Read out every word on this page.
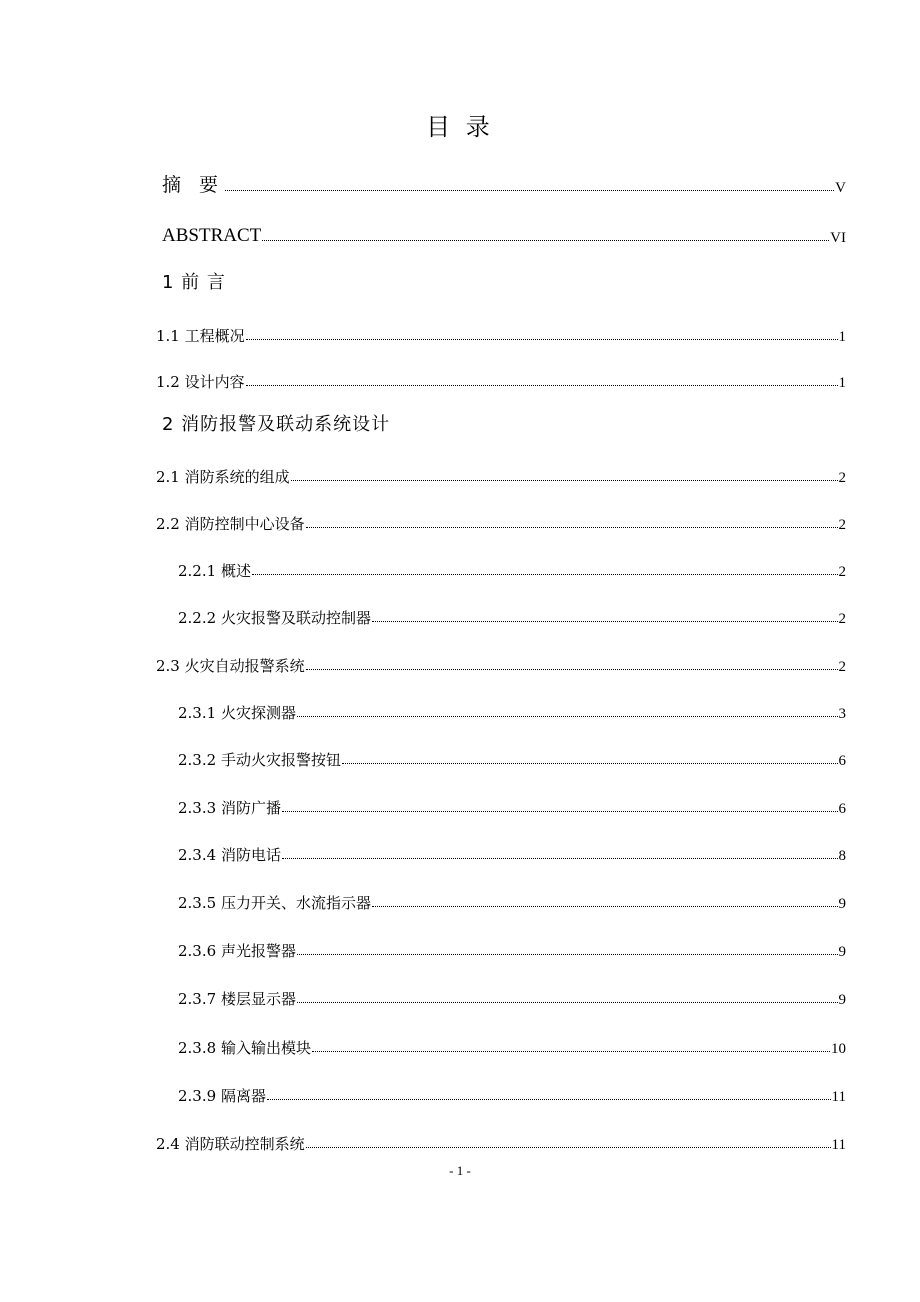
目 录
摘 要	V
ABSTRACT	VI
1 前 言
1.1 工程概况	1
1.2 设计内容	1
2 消防报警及联动系统设计
2.1 消防系统的组成	2
2.2 消防控制中心设备	2
2.2.1 概述	2
2.2.2 火灾报警及联动控制器	2
2.3 火灾自动报警系统	2
2.3.1 火灾探测器	3
2.3.2 手动火灾报警按钮	6
2.3.3 消防广播	6
2.3.4 消防电话	8
2.3.5 压力开关、水流指示器	9
2.3.6 声光报警器	9
2.3.7 楼层显示器	9
2.3.8 输入输出模块	10
2.3.9 隔离器	11
2.4 消防联动控制系统	11
- 1 -
